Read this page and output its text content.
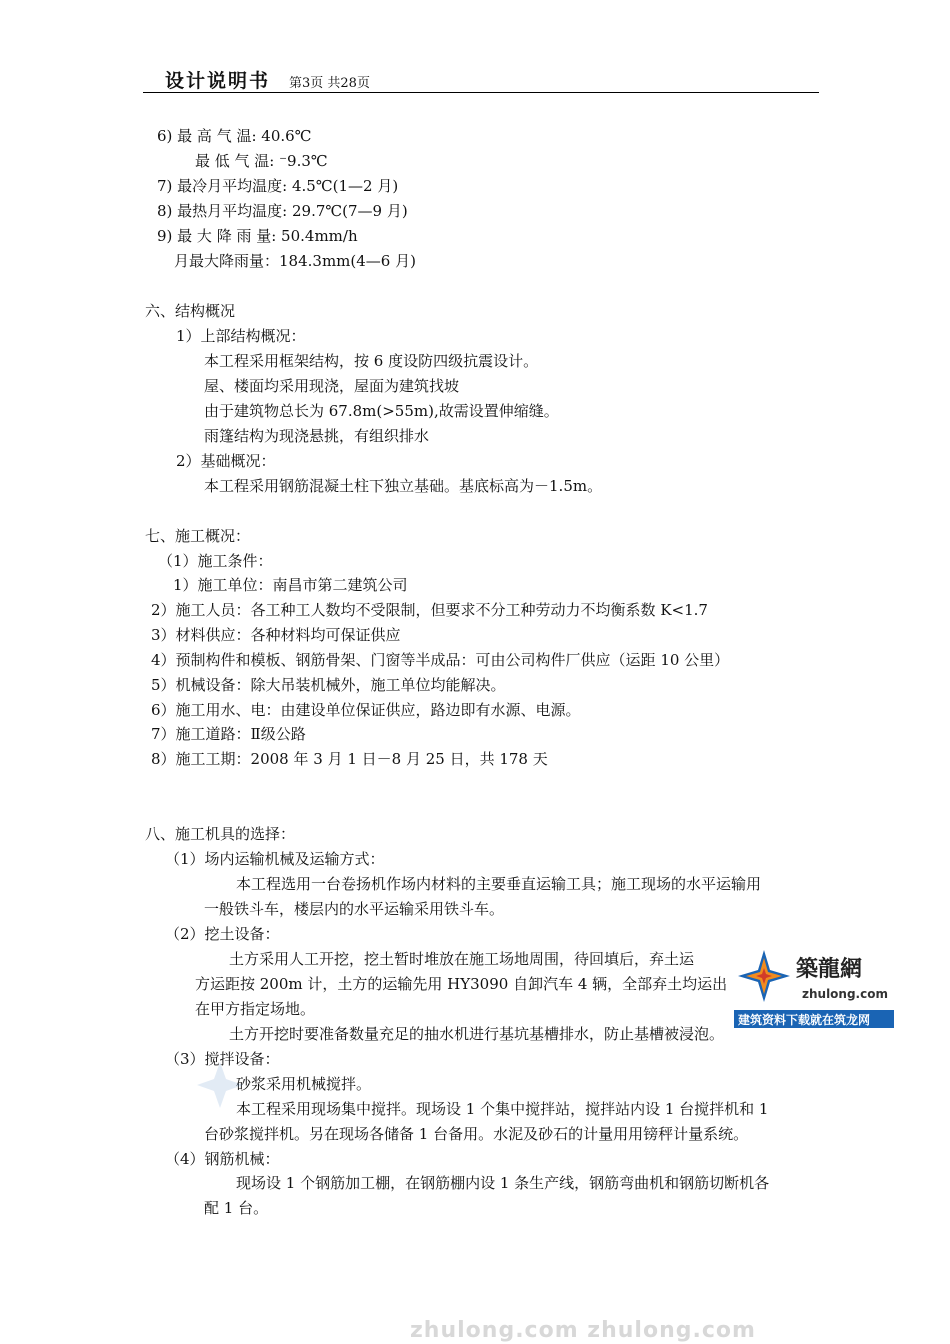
设计说明书 第3页 共28页
6) 最 高 气 温: 40.6℃
最 低 气 温: ⁻9.3℃
7) 最冷月平均温度: 4.5℃(1—2 月)
8) 最热月平均温度: 29.7℃(7—9 月)
9) 最 大 降 雨 量: 50.4mm/h
月最大降雨量：184.3mm(4—6 月)
六、结构概况
1）上部结构概况：
本工程采用框架结构，按 6 度设防四级抗震设计。
屋、楼面均采用现浇，屋面为建筑找坡
由于建筑物总长为 67.8m(>55m),故需设置伸缩缝。
雨篷结构为现浇悬挑，有组织排水
2）基础概况：
本工程采用钢筋混凝土柱下独立基础。基底标高为－1.5m。
七、施工概况：
（1）施工条件：
1）施工单位：南昌市第二建筑公司
2）施工人员：各工种工人数均不受限制，但要求不分工种劳动力不均衡系数 K<1.7
3）材料供应：各种材料均可保证供应
4）预制构件和模板、钢筋骨架、门窗等半成品：可由公司构件厂供应（运距 10 公里）
5）机械设备：除大吊装机械外，施工单位均能解决。
6）施工用水、电：由建设单位保证供应，路边即有水源、电源。
7）施工道路：Ⅱ级公路
8）施工工期：2008 年 3 月 1 日－8 月 25 日，共 178 天
八、施工机具的选择：
（1）场内运输机械及运输方式：
本工程选用一台卷扬机作场内材料的主要垂直运输工具；施工现场的水平运输用
一般铁斗车，楼层内的水平运输采用铁斗车。
（2）挖土设备：
土方采用人工开挖，挖土暂时堆放在施工场地周围，待回填后，弃土运
方运距按 200m 计，土方的运输先用 HY3090 自卸汽车 4 辆，全部弃土均运出
在甲方指定场地。
土方开挖时要准备数量充足的抽水机进行基坑基槽排水，防止基槽被浸泡。
（3）搅拌设备：
砂浆采用机械搅拌。
本工程采用现场集中搅拌。现场设 1 个集中搅拌站，搅拌站内设 1 台搅拌机和 1
台砂浆搅拌机。另在现场各储备 1 台备用。水泥及砂石的计量用用镑秤计量系统。
（4）钢筋机械：
现场设 1 个钢筋加工棚，在钢筋棚内设 1 条生产线，钢筋弯曲机和钢筋切断机各
配 1 台。
築龍網
zhulong.com
建筑资料下载就在筑龙网
zhulong.com zhulong.com
